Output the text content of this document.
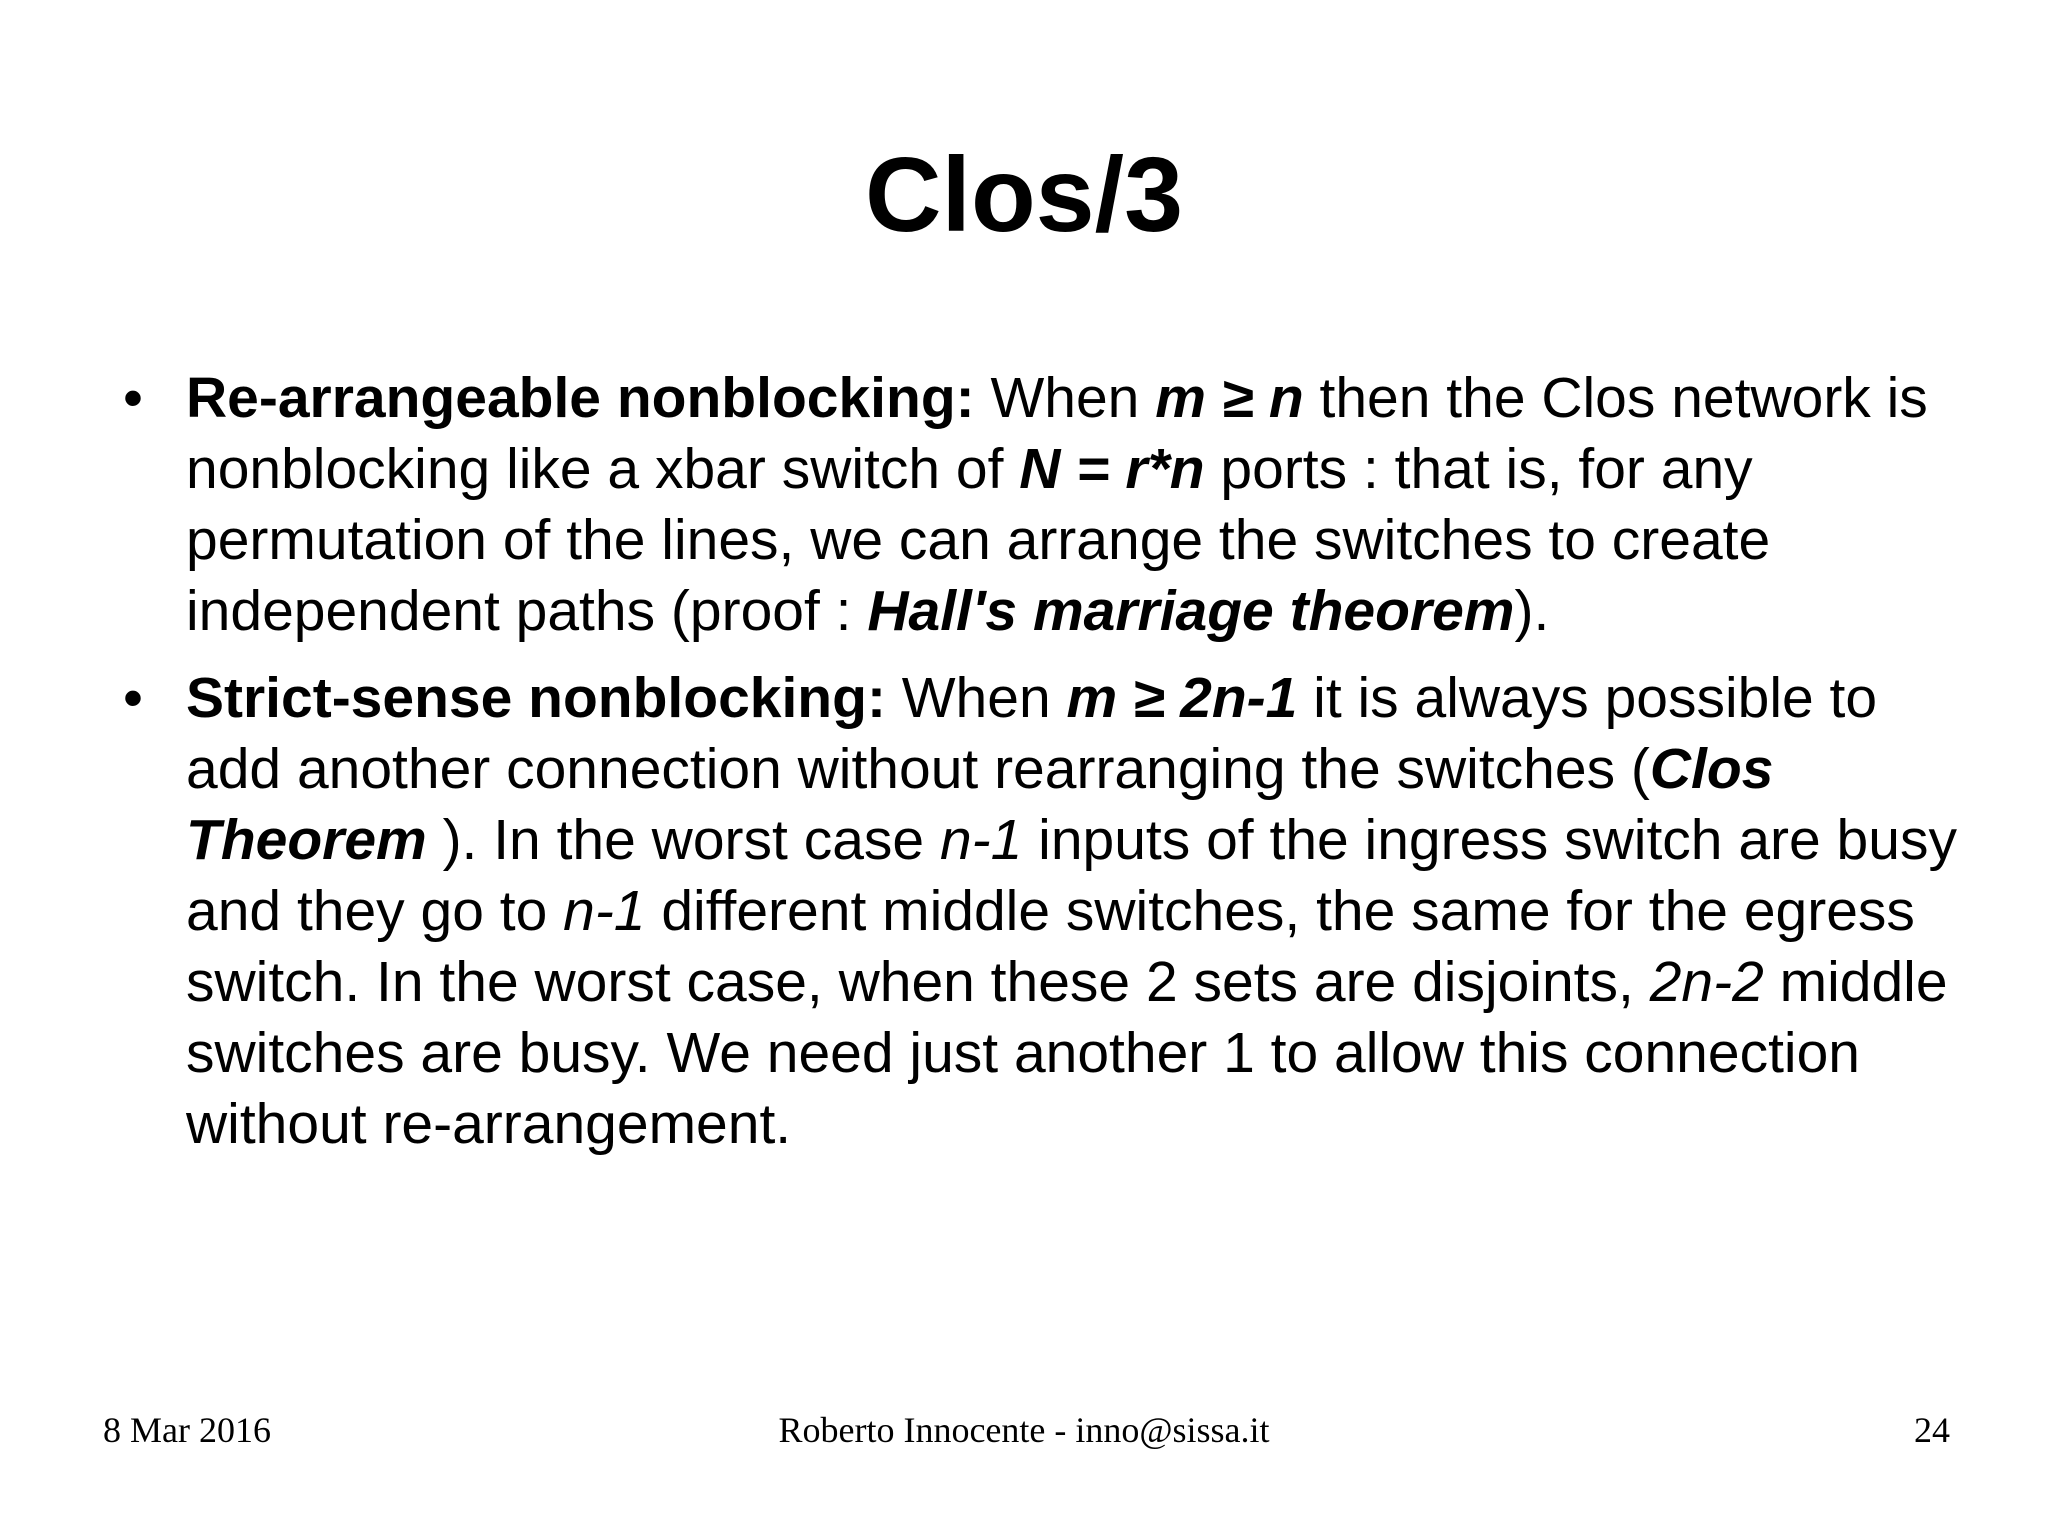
Clos/3
• Re-arrangeable nonblocking: When m ≥ n then the Clos network is nonblocking like a xbar switch of N = r*n ports : that is, for any permutation of the lines, we can arrange the switches to create independent paths (proof : Hall's marriage theorem).
• Strict-sense nonblocking: When m ≥ 2n-1 it is always possible to add another connection without rearranging the switches (Clos Theorem ). In the worst case n-1 inputs of the ingress switch are busy and they go to n-1 different middle switches, the same for the egress switch. In the worst case, when these 2 sets are disjoints, 2n-2 middle switches are busy. We need just another 1 to allow this connection without re-arrangement.
8 Mar 2016	Roberto Innocente - inno@sissa.it	24
